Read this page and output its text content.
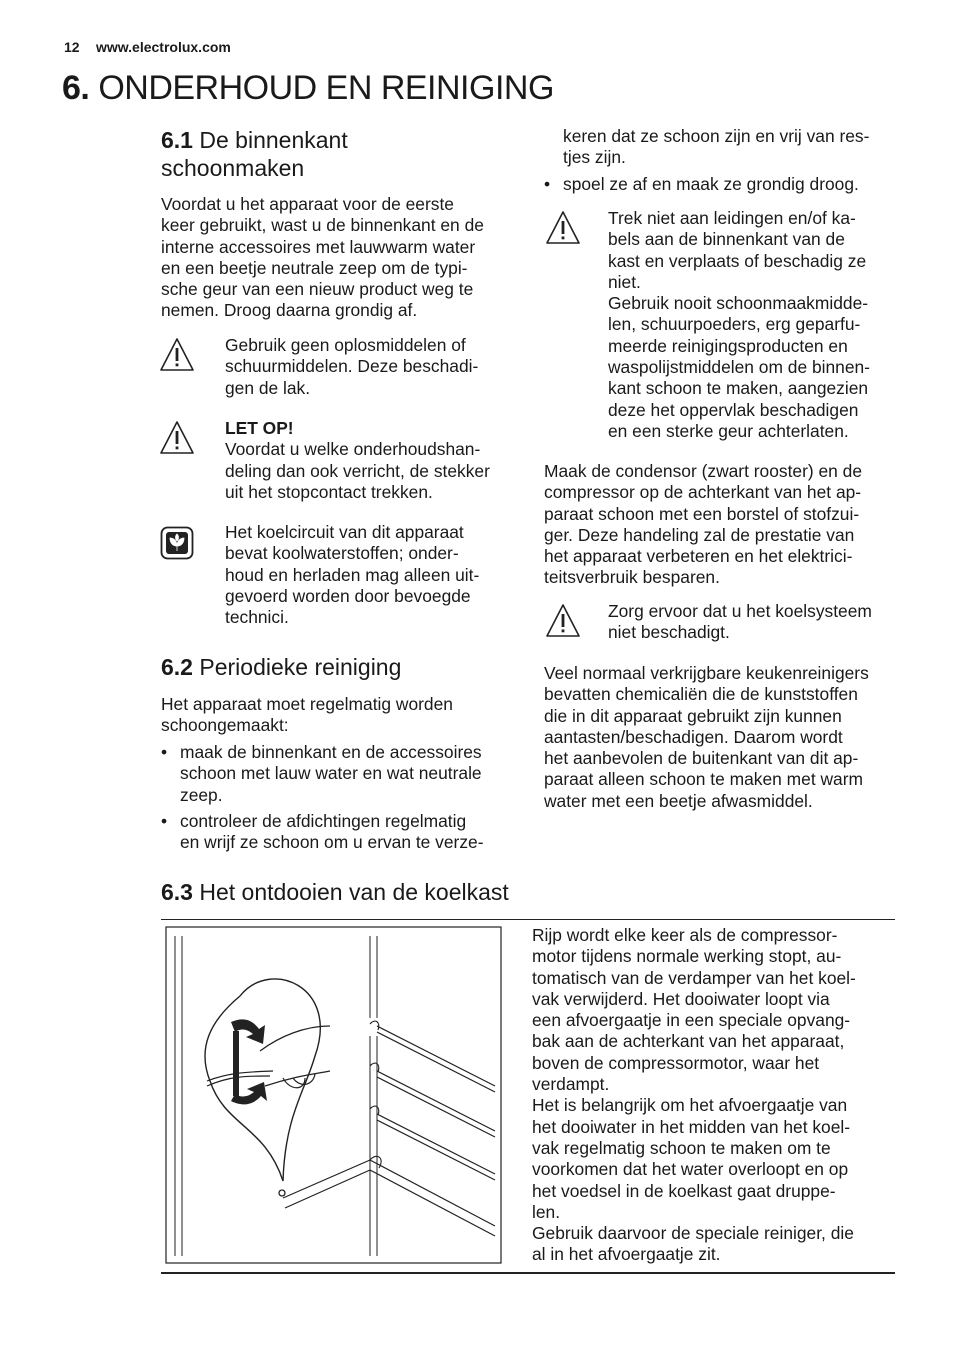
12 www.electrolux.com
6. ONDERHOUD EN REINIGING
6.1 De binnenkant
schoonmaken
Voordat u het apparaat voor de eerste
keer gebruikt, wast u de binnenkant en de
interne accessoires met lauwwarm water
en een beetje neutrale zeep om de typi-
sche geur van een nieuw product weg te
nemen. Droog daarna grondig af.
Gebruik geen oplosmiddelen of
schuurmiddelen. Deze beschadi-
gen de lak.
LET OP!
Voordat u welke onderhoudshan-
deling dan ook verricht, de stekker
uit het stopcontact trekken.
Het koelcircuit van dit apparaat
bevat koolwaterstoffen; onder-
houd en herladen mag alleen uit-
gevoerd worden door bevoegde
technici.
6.2 Periodieke reiniging
Het apparaat moet regelmatig worden
schoongemaakt:
• maak de binnenkant en de accessoires
schoon met lauw water en wat neutrale
zeep.
• controleer de afdichtingen regelmatig
en wrijf ze schoon om u ervan te verze-
keren dat ze schoon zijn en vrij van res-
tjes zijn.
• spoel ze af en maak ze grondig droog.
Trek niet aan leidingen en/of ka-
bels aan de binnenkant van de
kast en verplaats of beschadig ze
niet.
Gebruik nooit schoonmaakmidde-
len, schuurpoeders, erg geparfu-
meerde reinigingsproducten en
waspolijstmiddelen om de binnen-
kant schoon te maken, aangezien
deze het oppervlak beschadigen
en een sterke geur achterlaten.
Maak de condensor (zwart rooster) en de
compressor op de achterkant van het ap-
paraat schoon met een borstel of stofzui-
ger. Deze handeling zal de prestatie van
het apparaat verbeteren en het elektrici-
teitsverbruik besparen.
Zorg ervoor dat u het koelsysteem
niet beschadigt.
Veel normaal verkrijgbare keukenreinigers
bevatten chemicaliën die de kunststoffen
die in dit apparaat gebruikt zijn kunnen
aantasten/beschadigen. Daarom wordt
het aanbevolen de buitenkant van dit ap-
paraat alleen schoon te maken met warm
water met een beetje afwasmiddel.
6.3 Het ontdooien van de koelkast
Rijp wordt elke keer als de compressor-
motor tijdens normale werking stopt, au-
tomatisch van de verdamper van het koel-
vak verwijderd. Het dooiwater loopt via
een afvoergaatje in een speciale opvang-
bak aan de achterkant van het apparaat,
boven de compressormotor, waar het
verdampt.
Het is belangrijk om het afvoergaatje van
het dooiwater in het midden van het koel-
vak regelmatig schoon te maken om te
voorkomen dat het water overloopt en op
het voedsel in de koelkast gaat druppe-
len.
Gebruik daarvoor de speciale reiniger, die
al in het afvoergaatje zit.
